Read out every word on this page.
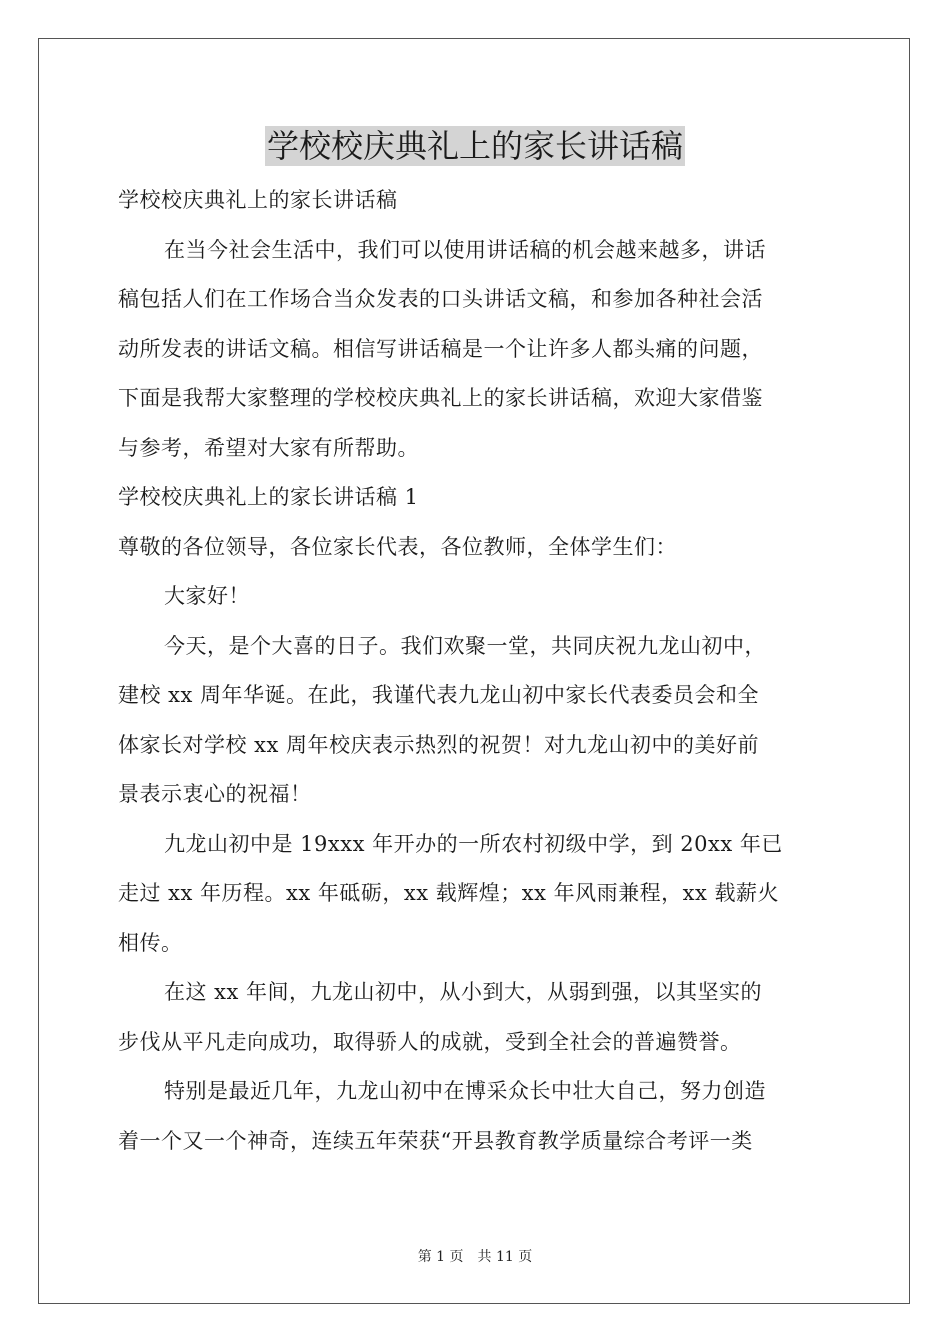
学校校庆典礼上的家长讲话稿
学校校庆典礼上的家长讲话稿
在当今社会生活中，我们可以使用讲话稿的机会越来越多，讲话
稿包括人们在工作场合当众发表的口头讲话文稿，和参加各种社会活
动所发表的讲话文稿。相信写讲话稿是一个让许多人都头痛的问题，
下面是我帮大家整理的学校校庆典礼上的家长讲话稿，欢迎大家借鉴
与参考，希望对大家有所帮助。
学校校庆典礼上的家长讲话稿 1
尊敬的各位领导，各位家长代表，各位教师，全体学生们：
大家好！
今天，是个大喜的日子。我们欢聚一堂，共同庆祝九龙山初中，
建校 xx 周年华诞。在此，我谨代表九龙山初中家长代表委员会和全
体家长对学校 xx 周年校庆表示热烈的祝贺！对九龙山初中的美好前
景表示衷心的祝福！
九龙山初中是 19xxx 年开办的一所农村初级中学，到 20xx 年已
走过 xx 年历程。xx 年砥砺，xx 载辉煌；xx 年风雨兼程，xx 载薪火
相传。
在这 xx 年间，九龙山初中，从小到大，从弱到强，以其坚实的
步伐从平凡走向成功，取得骄人的成就，受到全社会的普遍赞誉。
特别是最近几年，九龙山初中在博采众长中壮大自己，努力创造
着一个又一个神奇，连续五年荣获“开县教育教学质量综合考评一类
第 1 页　共 11 页
